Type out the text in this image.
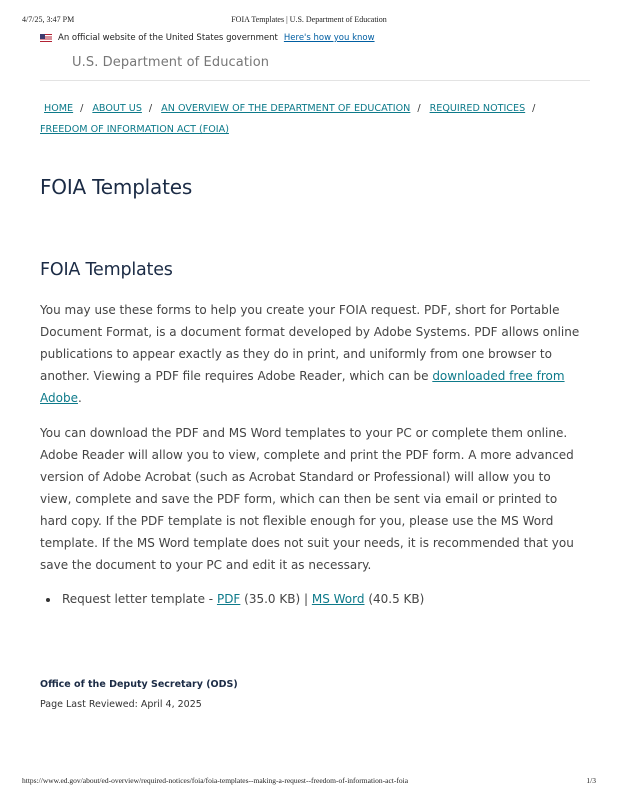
4/7/25, 3:47 PM	FOIA Templates | U.S. Department of Education
An official website of the United States government Here's how you know
U.S. Department of Education
HOME / ABOUT US / AN OVERVIEW OF THE DEPARTMENT OF EDUCATION / REQUIRED NOTICES /
FREEDOM OF INFORMATION ACT (FOIA)
FOIA Templates
FOIA Templates

You may use these forms to help you create your FOIA request. PDF, short for Portable Document Format, is a document format developed by Adobe Systems. PDF allows online publications to appear exactly as they do in print, and uniformly from one browser to another. Viewing a PDF file requires Adobe Reader, which can be downloaded free from Adobe.

You can download the PDF and MS Word templates to your PC or complete them online. Adobe Reader will allow you to view, complete and print the PDF form. A more advanced version of Adobe Acrobat (such as Acrobat Standard or Professional) will allow you to view, complete and save the PDF form, which can then be sent via email or printed to hard copy. If the PDF template is not flexible enough for you, please use the MS Word template. If the MS Word template does not suit your needs, it is recommended that you save the document to your PC and edit it as necessary.

Request letter template - PDF (35.0 KB) | MS Word (40.5 KB)
Office of the Deputy Secretary (ODS)
Page Last Reviewed: April 4, 2025
https://www.ed.gov/about/ed-overview/required-notices/foia/foia-templates--making-a-request--freedom-of-information-act-foia	1/3
